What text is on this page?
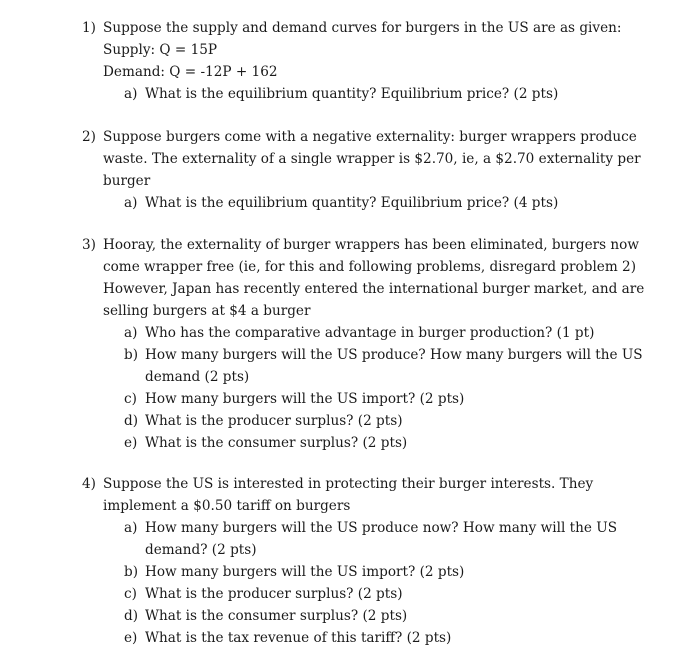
1) Suppose the supply and demand curves for burgers in the US are as given:
Supply: Q = 15P
Demand: Q = -12P + 162
a) What is the equilibrium quantity? Equilibrium price? (2 pts)
2) Suppose burgers come with a negative externality: burger wrappers produce
waste. The externality of a single wrapper is $2.70, ie, a $2.70 externality per
burger
a) What is the equilibrium quantity? Equilibrium price? (4 pts)
3) Hooray, the externality of burger wrappers has been eliminated, burgers now
come wrapper free (ie, for this and following problems, disregard problem 2)
However, Japan has recently entered the international burger market, and are
selling burgers at $4 a burger
a) Who has the comparative advantage in burger production? (1 pt)
b) How many burgers will the US produce? How many burgers will the US
demand (2 pts)
c) How many burgers will the US import? (2 pts)
d) What is the producer surplus? (2 pts)
e) What is the consumer surplus? (2 pts)
4) Suppose the US is interested in protecting their burger interests. They
implement a $0.50 tariff on burgers
a) How many burgers will the US produce now? How many will the US
demand? (2 pts)
b) How many burgers will the US import? (2 pts)
c) What is the producer surplus? (2 pts)
d) What is the consumer surplus? (2 pts)
e) What is the tax revenue of this tariff? (2 pts)
